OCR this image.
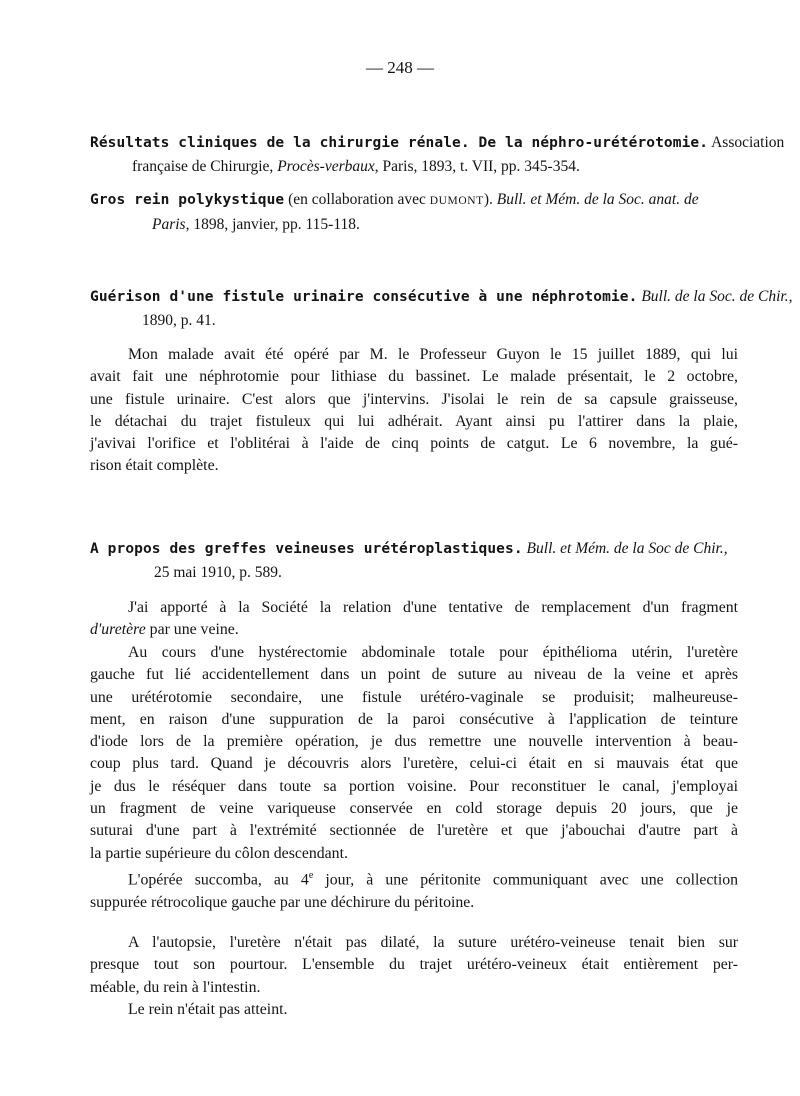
— 248 —
Résultats cliniques de la chirurgie rénale. De la néphro-urétérotomie. Association
française de Chirurgie, Procès-verbaux, Paris, 1893, t. VII, pp. 345-354.
Gros rein polykystique (en collaboration avec DUMONT). Bull. et Mém. de la Soc. anat. de
Paris, 1898, janvier, pp. 115-118.
Guérison d'une fistule urinaire consécutive à une néphrotomie. Bull. de la Soc. de Chir.,
1890, p. 41.
Mon malade avait été opéré par M. le Professeur Guyon le 15 juillet 1889, qui lui
avait fait une néphrotomie pour lithiase du bassinet. Le malade présentait, le 2 octobre,
une fistule urinaire. C'est alors que j'intervins. J'isolai le rein de sa capsule graisseuse,
le détachai du trajet fistuleux qui lui adhérait. Ayant ainsi pu l'attirer dans la plaie,
j'avivai l'orifice et l'oblitérai à l'aide de cinq points de catgut. Le 6 novembre, la gué-
rison était complète.
A propos des greffes veineuses urétéroplastiques. Bull. et Mém. de la Soc de Chir.,
25 mai 1910, p. 589.
J'ai apporté à la Société la relation d'une tentative de remplacement d'un fragment
d'uretère par une veine.
Au cours d'une hystérectomie abdominale totale pour épithélioma utérin, l'uretère
gauche fut lié accidentellement dans un point de suture au niveau de la veine et après
une urétérotomie secondaire, une fistule urétéro-vaginale se produisit; malheureuse-
ment, en raison d'une suppuration de la paroi consécutive à l'application de teinture
d'iode lors de la première opération, je dus remettre une nouvelle intervention à beau-
coup plus tard. Quand je découvris alors l'uretère, celui-ci était en si mauvais état que
je dus le réséquer dans toute sa portion voisine. Pour reconstituer le canal, j'employai
un fragment de veine variqueuse conservée en cold storage depuis 20 jours, que je
suturai d'une part à l'extrémité sectionnée de l'uretère et que j'abouchai d'autre part à
la partie supérieure du côlon descendant.
L'opérée succomba, au 4e jour, à une péritonite communiquant avec une collection
suppurée rétrocolique gauche par une déchirure du péritoine.
A l'autopsie, l'uretère n'était pas dilaté, la suture urétéro-veineuse tenait bien sur
presque tout son pourtour. L'ensemble du trajet urétéro-veineux était entièrement per-
méable, du rein à l'intestin.
Le rein n'était pas atteint.
